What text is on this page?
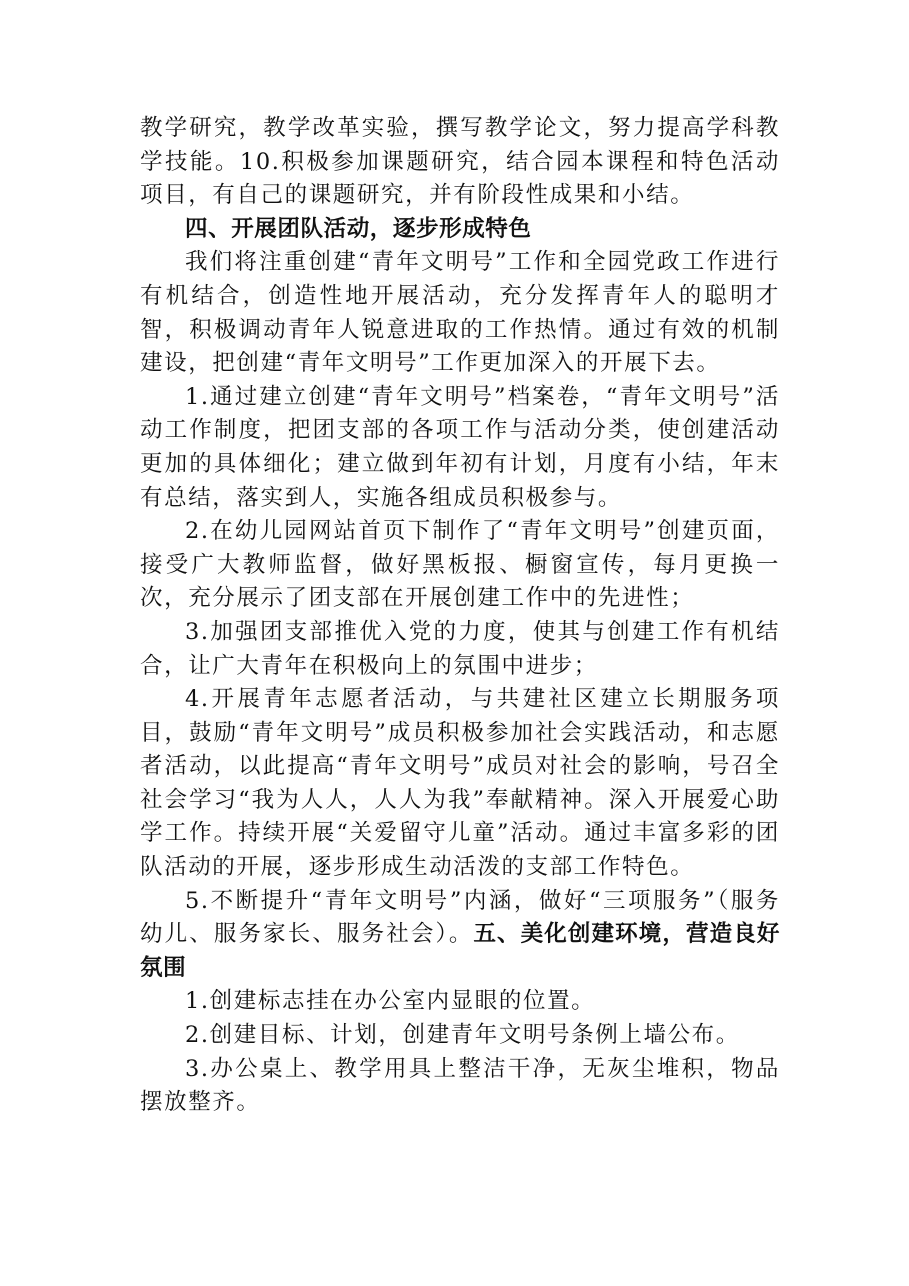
教学研究，教学改革实验，撰写教学论文，努力提高学科教学技能。10.积极参加课题研究，结合园本课程和特色活动项目，有自己的课题研究，并有阶段性成果和小结。

四、开展团队活动，逐步形成特色

我们将注重创建“青年文明号”工作和全园党政工作进行有机结合，创造性地开展活动，充分发挥青年人的聪明才智，积极调动青年人锐意进取的工作热情。通过有效的机制建设，把创建“青年文明号”工作更加深入的开展下去。

1.通过建立创建“青年文明号”档案卷，“青年文明号”活动工作制度，把团支部的各项工作与活动分类，使创建活动更加的具体细化；建立做到年初有计划，月度有小结，年末有总结，落实到人，实施各组成员积极参与。

2.在幼儿园网站首页下制作了“青年文明号”创建页面，接受广大教师监督，做好黑板报、橱窗宣传，每月更换一次，充分展示了团支部在开展创建工作中的先进性；

3.加强团支部推优入党的力度，使其与创建工作有机结合，让广大青年在积极向上的氛围中进步；

4.开展青年志愿者活动，与共建社区建立长期服务项目，鼓励“青年文明号”成员积极参加社会实践活动，和志愿者活动，以此提高“青年文明号”成员对社会的影响，号召全社会学习“我为人人，人人为我”奉献精神。深入开展爱心助学工作。持续开展“关爱留守儿童”活动。通过丰富多彩的团队活动的开展，逐步形成生动活泼的支部工作特色。

5.不断提升“青年文明号”内涵，做好“三项服务”（服务幼儿、服务家长、服务社会）。五、美化创建环境，营造良好氛围

1.创建标志挂在办公室内显眼的位置。

2.创建目标、计划，创建青年文明号条例上墙公布。

3.办公桌上、教学用具上整洁干净，无灰尘堆积，物品摆放整齐。
